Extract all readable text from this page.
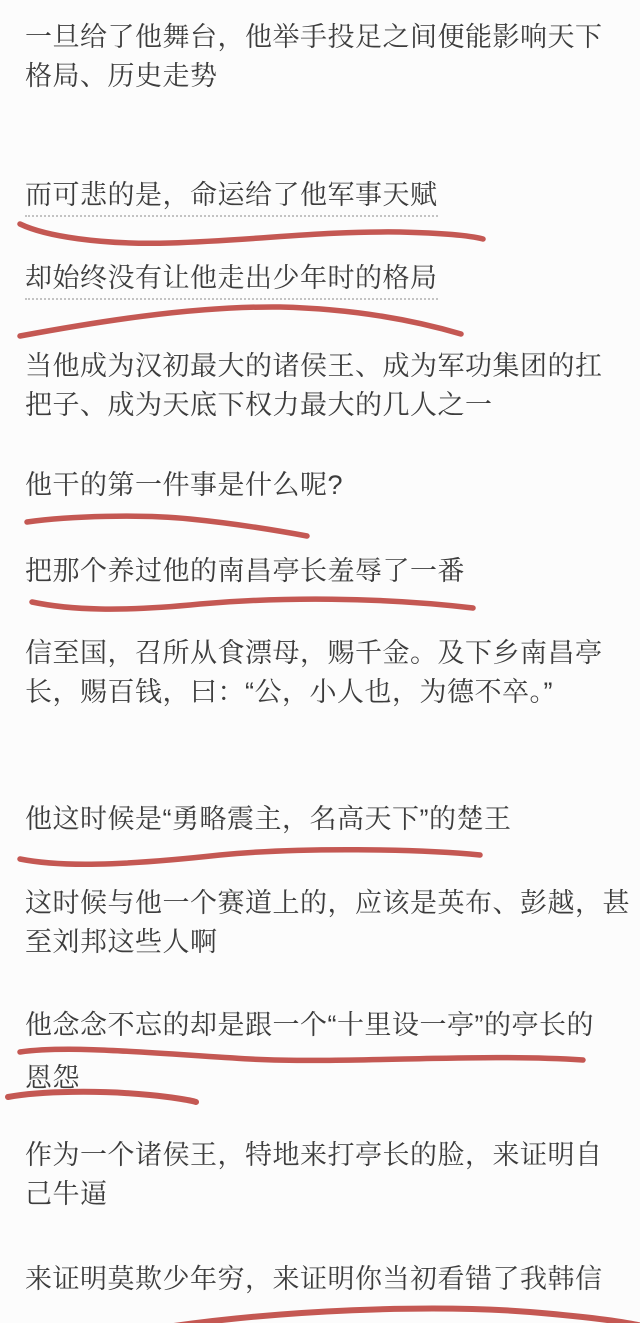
一旦给了他舞台，他举手投足之间便能影响天下
格局、历史走势
而可悲的是，命运给了他军事天赋
却始终没有让他走出少年时的格局
当他成为汉初最大的诸侯王、成为军功集团的扛
把子、成为天底下权力最大的几人之一
他干的第一件事是什么呢?
把那个养过他的南昌亭长羞辱了一番
信至国，召所从食漂母，赐千金。及下乡南昌亭
长，赐百钱，曰：“公，小人也，为德不卒。”
他这时候是“勇略震主，名高天下”的楚王
这时候与他一个赛道上的，应该是英布、彭越，甚
至刘邦这些人啊
他念念不忘的却是跟一个“十里设一亭”的亭长的
恩怨
作为一个诸侯王，特地来打亭长的脸，来证明自
己牛逼
来证明莫欺少年穷，来证明你当初看错了我韩信
